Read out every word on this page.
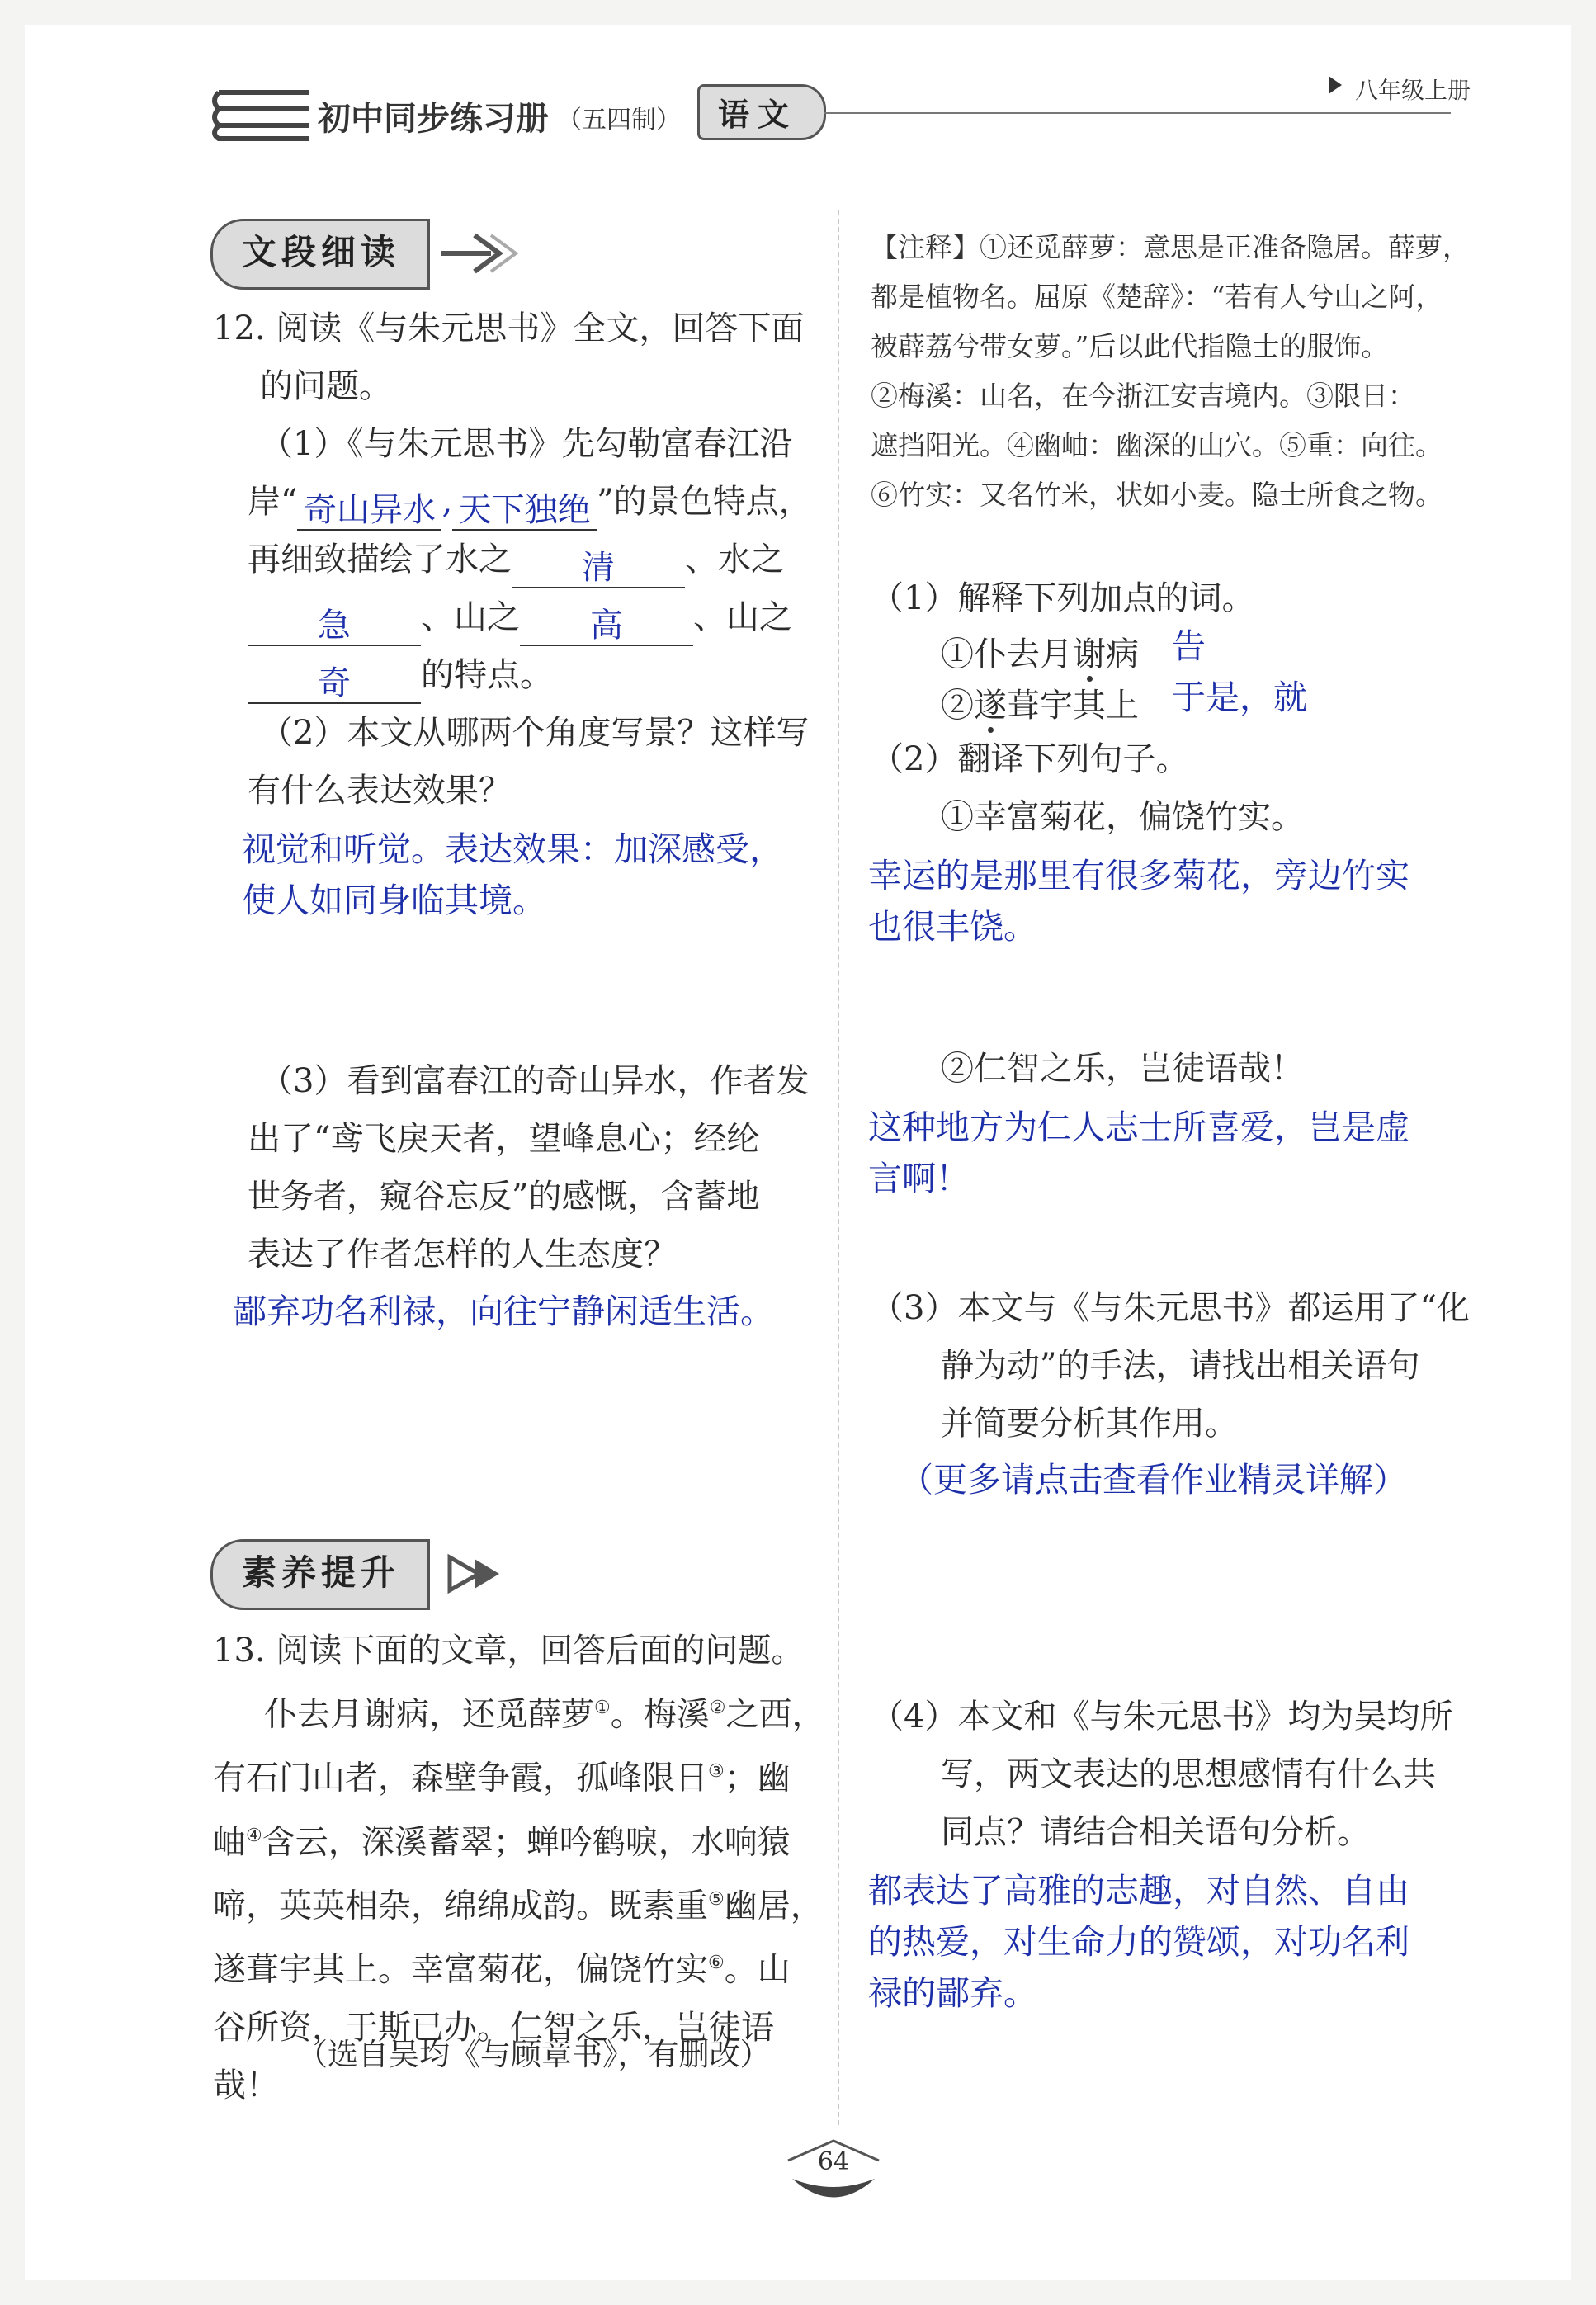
初中同步练习册 （五四制） 语文
八年级上册
文段细读
12. 阅读《与朱元思书》全文，回答下面
的问题。
（1）《与朱元思书》先勾勒富春江沿
岸“ 奇山异水 , 天下独绝 ”的景色特点，
再细致描绘了水之 清 、水之
急 、山之 高 、山之
奇 的特点。
（2）本文从哪两个角度写景？这样写
有什么表达效果？
视觉和听觉。表达效果：加深感受，
使人如同身临其境。
（3）看到富春江的奇山异水，作者发
出了“鸢飞戾天者，望峰息心；经纶
世务者，窥谷忘反”的感慨，含蓄地
表达了作者怎样的人生态度？
鄙弃功名利禄，向往宁静闲适生活。
素养提升
13. 阅读下面的文章，回答后面的问题。
仆去月谢病，还觅薛萝①。梅溪②之西，
有石门山者，森壁争霞，孤峰限日③；幽
岫④含云，深溪蓄翠；蝉吟鹤唳，水响猿
啼，英英相杂，绵绵成韵。既素重⑤幽居，
遂葺宇其上。幸富菊花，偏饶竹实⑥。山
谷所资，于斯已办。仁智之乐，岂徒语哉！
（选自吴均《与顾章书》，有删改）
【注释】①还觅薛萝：意思是正准备隐居。薛萝，
都是植物名。屈原《楚辞》：“若有人兮山之阿，
被薜荔兮带女萝。”后以此代指隐士的服饰。
②梅溪：山名，在今浙江安吉境内。③限日：
遮挡阳光。④幽岫：幽深的山穴。⑤重：向往。
⑥竹实：又名竹米，状如小麦。隐士所食之物。
（1）解释下列加点的词。
①仆去月谢病 告
②遂葺宇其上 于是，就
（2）翻译下列句子。
①幸富菊花，偏饶竹实。
幸运的是那里有很多菊花，旁边竹实
也很丰饶。
②仁智之乐，岂徒语哉！
这种地方为仁人志士所喜爱，岂是虚
言啊！
（3）本文与《与朱元思书》都运用了“化
静为动”的手法，请找出相关语句
并简要分析其作用。
（更多请点击查看作业精灵详解）
（4）本文和《与朱元思书》均为吴均所
写，两文表达的思想感情有什么共
同点？请结合相关语句分析。
都表达了高雅的志趣，对自然、自由
的热爱，对生命力的赞颂，对功名利
禄的鄙弃。
64
